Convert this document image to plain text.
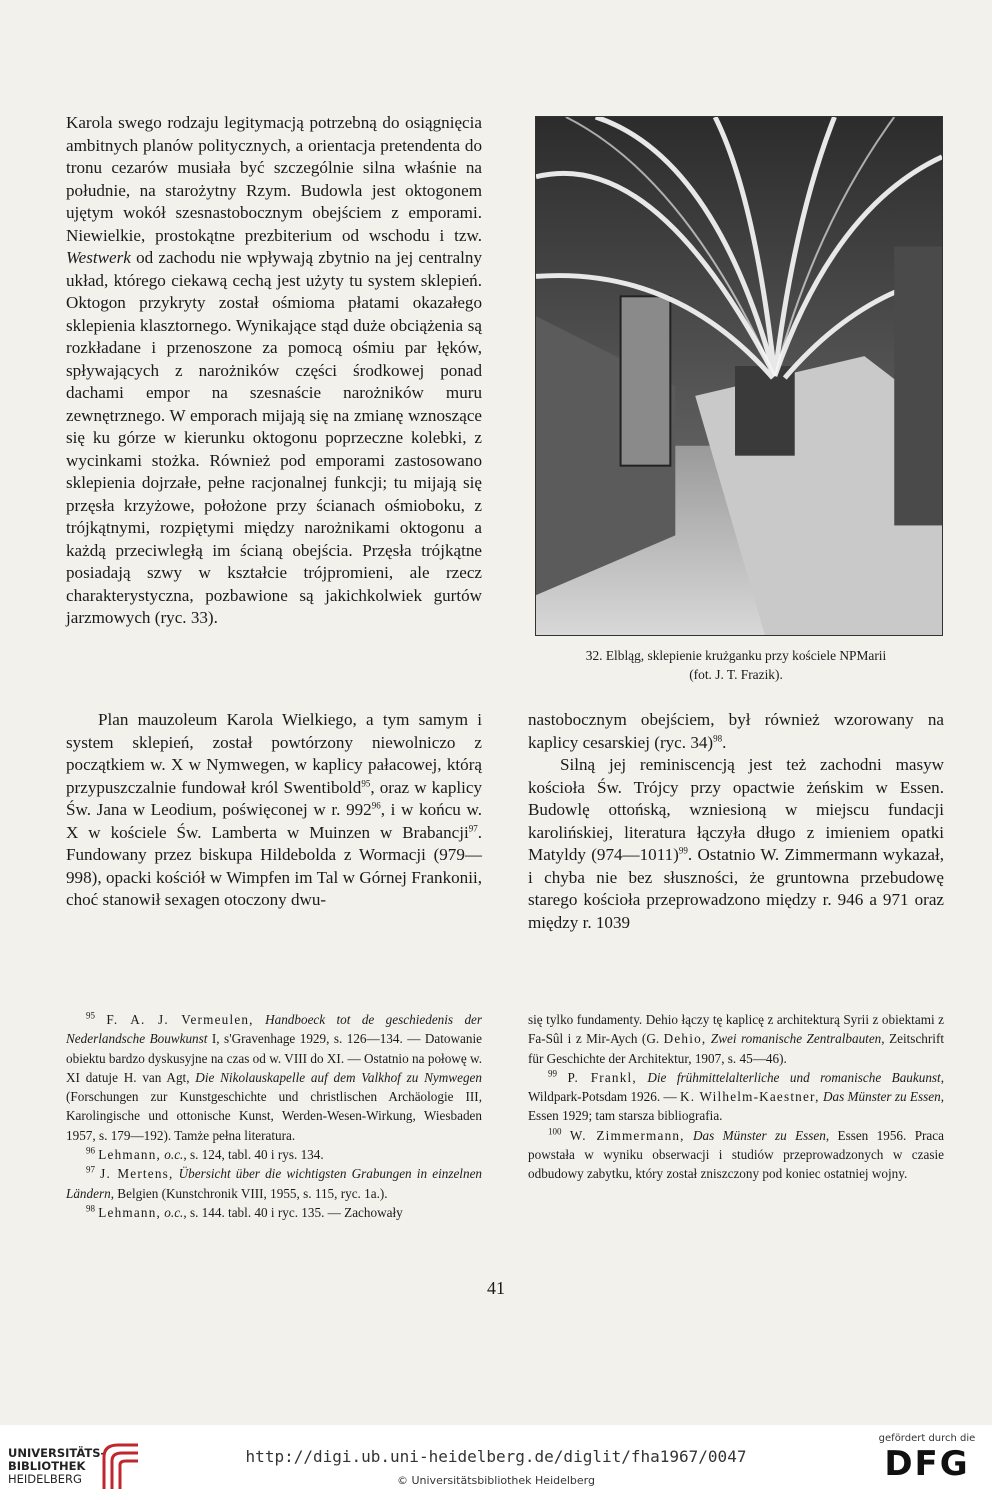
Karola swego rodzaju legitymacją potrzebną do osiągnięcia ambitnych planów politycznych, a orientacja pretendenta do tronu cezarów musiała być szczególnie silna właśnie na południe, na starożytny Rzym. Budowla jest oktogonem ujętym wokół szesnastobocznym obejściem z emporami. Niewielkie, prostokątne prezbiterium od wschodu i tzw. Westwerk od zachodu nie wpływają zbytnio na jej centralny układ, którego ciekawą cechą jest użyty tu system sklepień. Oktogon przykryty został ośmioma płatami okazałego sklepienia klasztornego. Wynikające stąd duże obciążenia są rozkładane i przenoszone za pomocą ośmiu par łęków, spływających z narożników części środkowej ponad dachami empor na szesnaście narożników muru zewnętrznego. W emporach mijają się na zmianę wznoszące się ku górze w kierunku oktogonu poprzeczne kolebki, z wycinkami stożka. Również pod emporami zastosowano sklepienia dojrzałe, pełne racjonalnej funkcji; tu mijają się przęsła krzyżowe, położone przy ścianach ośmioboku, z trójkątnymi, rozpiętymi między narożnikami oktogonu a każdą przeciwległą im ścianą obejścia. Przęsła trójkątne posiadają szwy w kształcie trójpromieni, ale rzecz charakterystyczna, pozbawione są jakichkolwiek gurtów jarzmowych (ryc. 33).

32. Elbląg, sklepienie krużganku przy kościele NPMarii
(fot. J. T. Frazik).

Plan mauzoleum Karola Wielkiego, a tym samym i system sklepień, został powtórzony niewolniczo z początkiem w. X w Nymwegen, w kaplicy pałacowej, którą przypuszczalnie fundował król Swentibold$^{95}$, oraz w kaplicy Św. Jana w Leodium, poświęconej w r. $992^{96}$, i w końcu w. X w kościele Św. Lamberta w Muinzen w Brabancji$^{97}$. Fundowany przez biskupa Hildebolda z Wormacji (979—998), opacki kościół w Wimpfen im Tal w Górnej Frankonii, choć stanowił sexagen otoczony dwu-

nastobocznym obejściem, był również wzorowany na kaplicy cesarskiej (ryc. 34)$^{98}$.

Silną jej reminiscencją jest też zachodni masyw kościoła Św. Trójcy przy opactwie żeńskim w Essen. Budowlę ottońską, wzniesioną w miejscu fundacji karolińskiej, literatura łączyła długo z imieniem opatki Matyldy (974—1011)$^{99}$. Ostatnio W. Zimmermann wykazał, i chyba nie bez słuszności, że gruntowna przebudowę starego kościoła przeprowadzono między r. 946 a 971 oraz między r. 1039

$^{95}$ F. A. J. Vermeulen, Handboeck tot de geschiedenis der Nederlandsche Bouwkunst I, s'Gravenhage 1929, s. 126—134. — Datowanie obiektu bardzo dyskusyjne na czas od w. VIII do XI. — Ostatnio na połowę w. XI datuje H. van Agt, Die Nikolauskapelle auf dem Valkhof zu Nymwegen (Forschungen zur Kunstgeschichte und christlischen Archäologie III, Karolingische und ottonische Kunst, Werden-Wesen-Wirkung, Wiesbaden 1957, s. 179—192). Tamże pełna literatura.

$^{96}$ Lehmann, o.c., s. 124, tabl. 40 i rys. 134.

$^{97}$ J. Mertens, Übersicht über die wichtigsten Grabungen in einzelnen Ländern, Belgien (Kunstchronik VIII, 1955, s. 115, ryc. 1a.).

$^{98}$ Lehmann, o.c., s. 144. tabl. 40 i ryc. 135. — Zachowały

się tylko fundamenty. Dehio łączy tę kaplicę z architekturą Syrii z obiektami z Fa-Sûl i z Mir-Aych (G. Dehio, Zwei romanische Zentralbauten, Zeitschrift für Geschichte der Architektur, 1907, s. 45—46).

$^{99}$ P. Frankl, Die frühmittelalterliche und romanische Baukunst, Wildpark-Potsdam 1926. — K. Wilhelm-Kaestner, Das Münster zu Essen, Essen 1929; tam starsza bibliografia.

$^{100}$ W. Zimmermann, Das Münster zu Essen, Essen 1956. Praca powstała w wyniku obserwacji i studiów przeprowadzonych w czasie odbudowy zabytku, który został zniszczony pod koniec ostatniej wojny.

41
UNIVERSITÄTS-
BIBLIOTHEK
HEIDELBERG
http://digi.ub.uni-heidelberg.de/diglit/fha1967/0047
© Universitätsbibliothek Heidelberg
gefördert durch die
DFG
